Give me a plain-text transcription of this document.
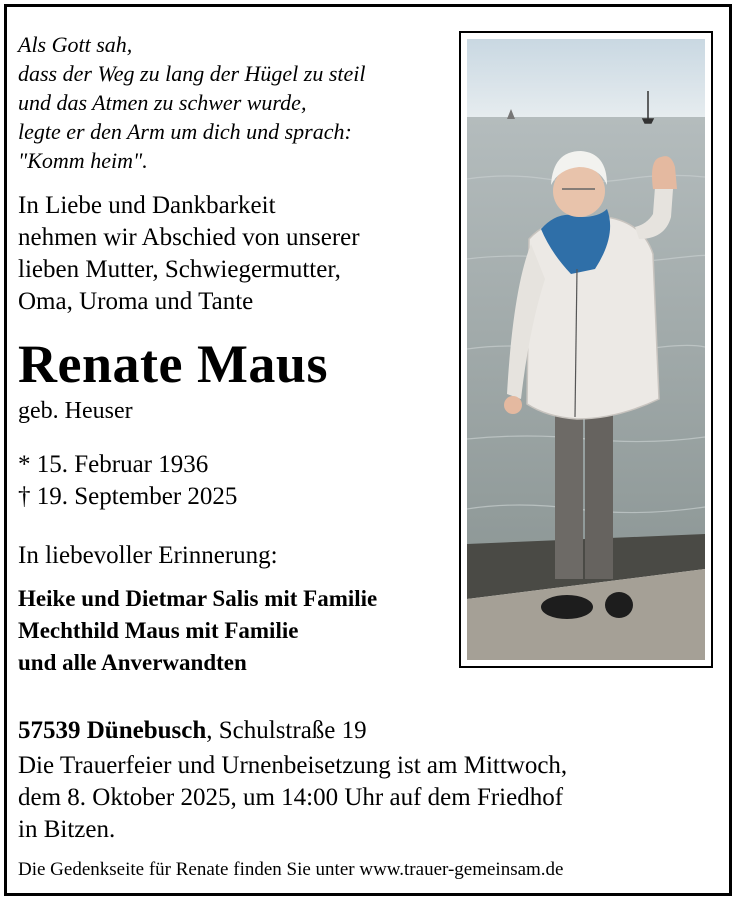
Als Gott sah,
dass der Weg zu lang der Hügel zu steil
und das Atmen zu schwer wurde,
legte er den Arm um dich und sprach:
"Komm heim".
In Liebe und Dankbarkeit
nehmen wir Abschied von unserer
lieben Mutter, Schwiegermutter,
Oma, Uroma und Tante
Renate Maus
geb. Heuser
* 15. Februar 1936
† 19. September 2025
In liebevoller Erinnerung:
Heike und Dietmar Salis mit Familie
Mechthild Maus mit Familie
und alle Anverwandten
57539 Dünebusch, Schulstraße 19
Die Trauerfeier und Urnenbeisetzung ist am Mittwoch,
dem 8. Oktober 2025, um 14:00 Uhr auf dem Friedhof
in Bitzen.
Die Gedenkseite für Renate finden Sie unter www.trauer-gemeinsam.de
